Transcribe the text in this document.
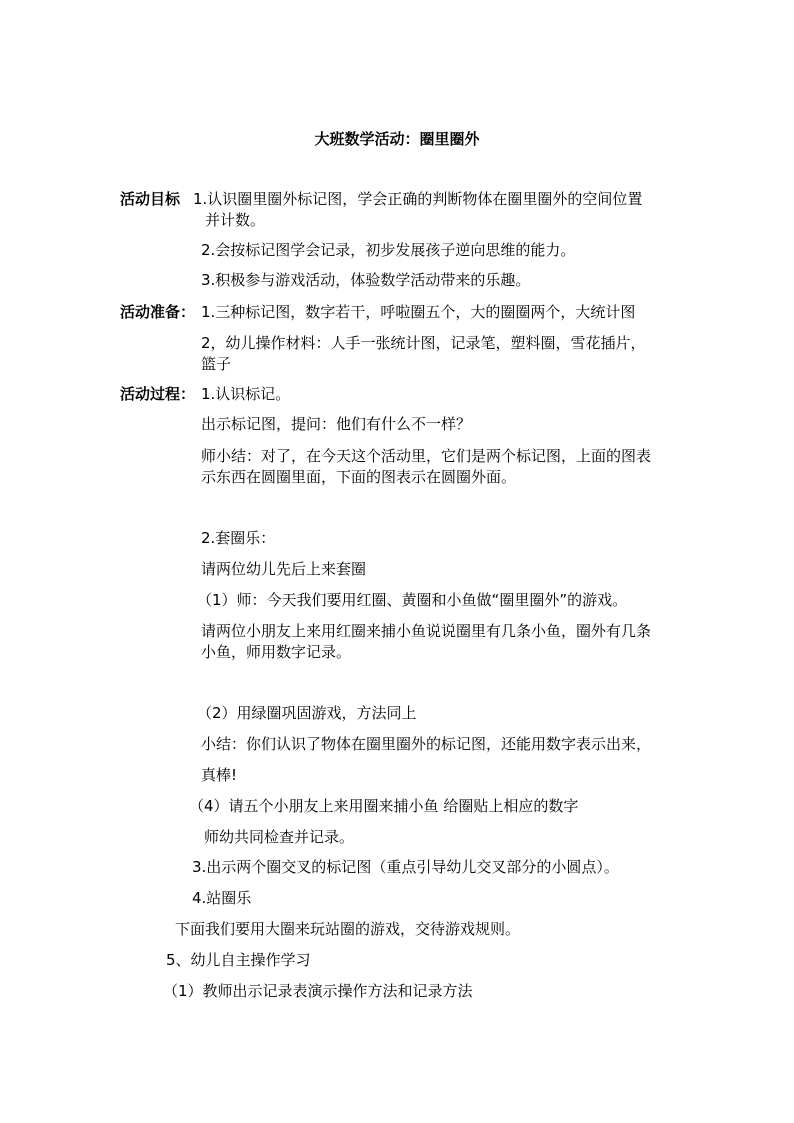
大班数学活动：圈里圈外
活动目标 1.认识圈里圈外标记图，学会正确的判断物体在圈里圈外的空间位置
并计数。
2.会按标记图学会记录，初步发展孩子逆向思维的能力。
3.积极参与游戏活动，体验数学活动带来的乐趣。
活动准备： 1.三种标记图，数字若干，呼啦圈五个，大的圈圈两个，大统计图
2，幼儿操作材料：人手一张统计图，记录笔，塑料圈，雪花插片，
篮子
活动过程： 1.认识标记。
出示标记图，提问：他们有什么不一样？
师小结：对了，在今天这个活动里，它们是两个标记图，上面的图表
示东西在圆圈里面，下面的图表示在圆圈外面。
2.套圈乐：
请两位幼儿先后上来套圈
（1）师：今天我们要用红圈、黄圈和小鱼做“圈里圈外”的游戏。
请两位小朋友上来用红圈来捕小鱼说说圈里有几条小鱼，圈外有几条
小鱼，师用数字记录。
（2）用绿圈巩固游戏，方法同上
小结：你们认识了物体在圈里圈外的标记图，还能用数字表示出来，
真棒!
（4）请五个小朋友上来用圈来捕小鱼 给圈贴上相应的数字
师幼共同检查并记录。
3.出示两个圈交叉的标记图（重点引导幼儿交叉部分的小圆点）。
4.站圈乐
下面我们要用大圈来玩站圈的游戏，交待游戏规则。
5、幼儿自主操作学习
（1）教师出示记录表演示操作方法和记录方法
